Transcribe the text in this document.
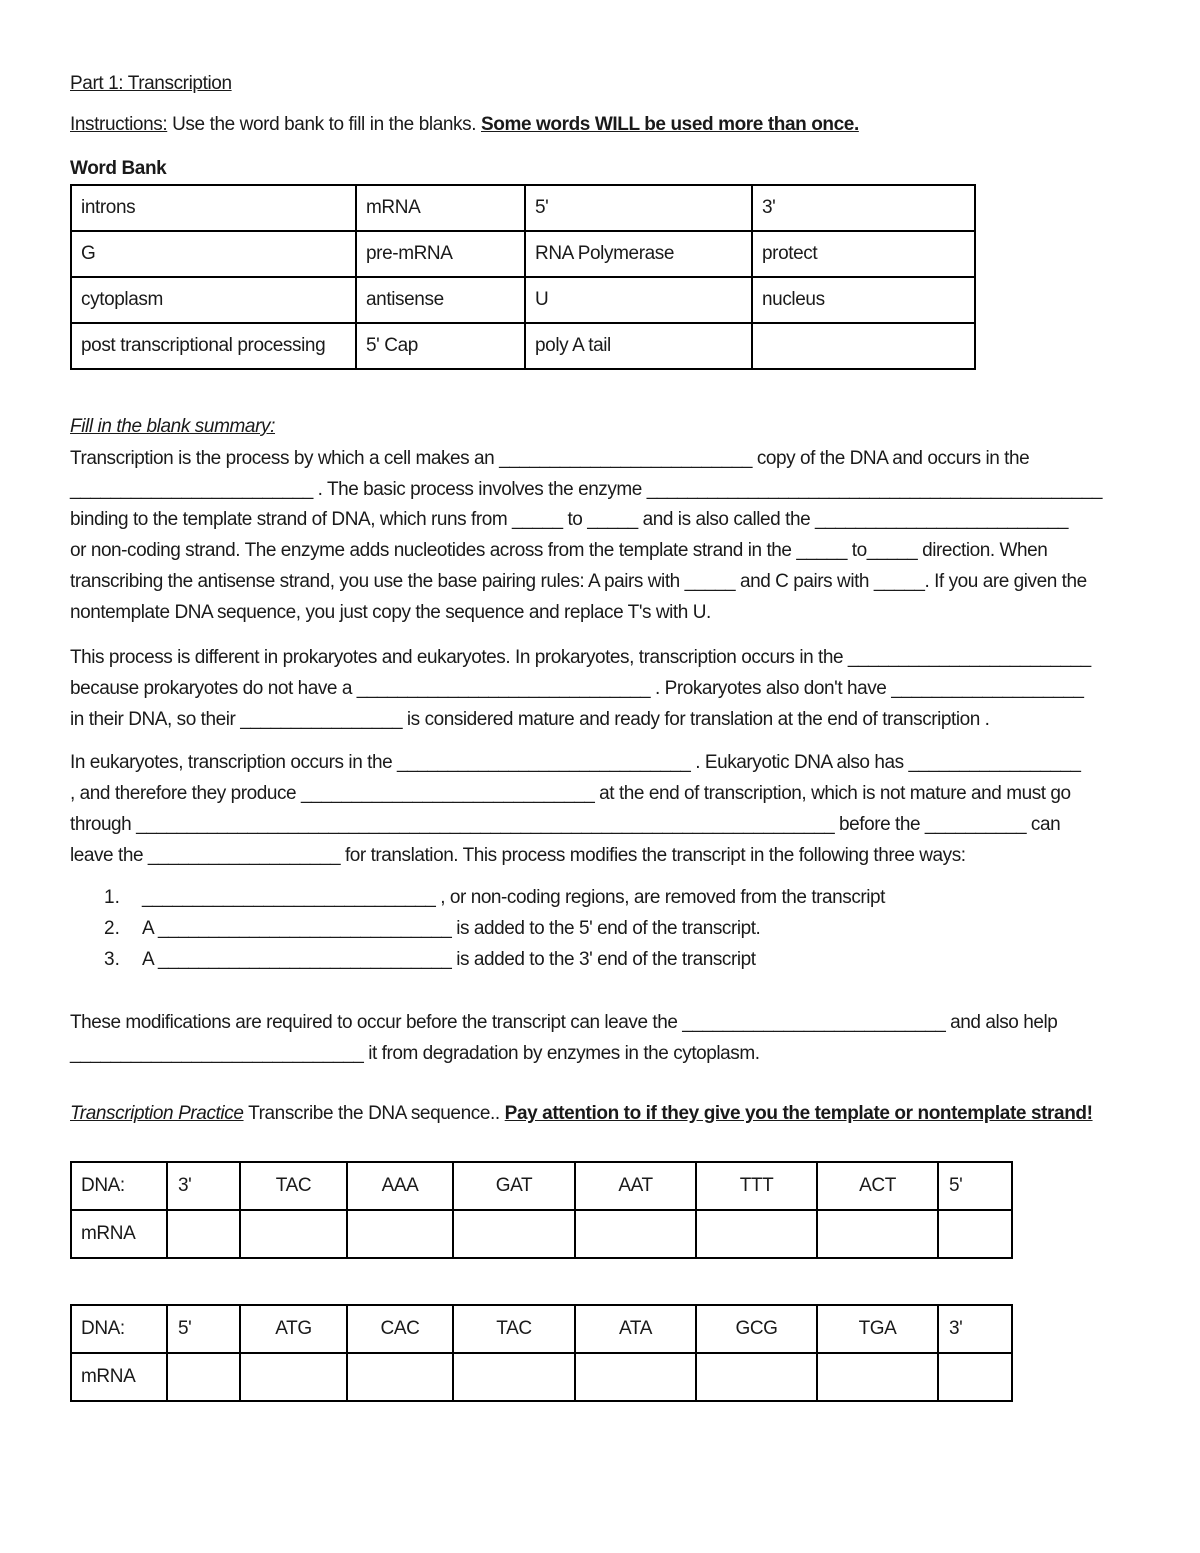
Part 1: Transcription
Instructions: Use the word bank to fill in the blanks. Some words WILL be used more than once.
Word Bank
introns	mRNA	5'	3'
G	pre-mRNA	RNA Polymerase	protect
cytoplasm	antisense	U	nucleus
post transcriptional processing	5' Cap	poly A tail	
Fill in the blank summary:
Transcription is the process by which a cell makes an _________________________ copy of the DNA and occurs in the
________________________ . The basic process involves the enzyme _____________________________________________
binding to the template strand of DNA, which runs from _____ to _____ and is also called the _________________________
or non-coding strand. The enzyme adds nucleotides across from the template strand in the _____ to_____ direction. When
transcribing the antisense strand, you use the base pairing rules: A pairs with _____ and C pairs with _____. If you are given the
nontemplate DNA sequence, you just copy the sequence and replace T's with U.
This process is different in prokaryotes and eukaryotes. In prokaryotes, transcription occurs in the ________________________
because prokaryotes do not have a _____________________________ . Prokaryotes also don't have ___________________
in their DNA, so their ________________ is considered mature and ready for translation at the end of transcription .
In eukaryotes, transcription occurs in the _____________________________ . Eukaryotic DNA also has _________________
, and therefore they produce _____________________________ at the end of transcription, which is not mature and must go
through _____________________________________________________________________ before the __________ can
leave the ___________________ for translation. This process modifies the transcript in the following three ways:
1. _____________________________ , or non-coding regions, are removed from the transcript
2. A _____________________________ is added to the 5' end of the transcript.
3. A _____________________________ is added to the 3' end of the transcript
These modifications are required to occur before the transcript can leave the __________________________ and also help
_____________________________ it from degradation by enzymes in the cytoplasm.
Transcription Practice Transcribe the DNA sequence.. Pay attention to if they give you the template or nontemplate strand!
DNA:	3'	TAC	AAA	GAT	AAT	TTT	ACT	5'
mRNA								
DNA:	5'	ATG	CAC	TAC	ATA	GCG	TGA	3'
mRNA								
